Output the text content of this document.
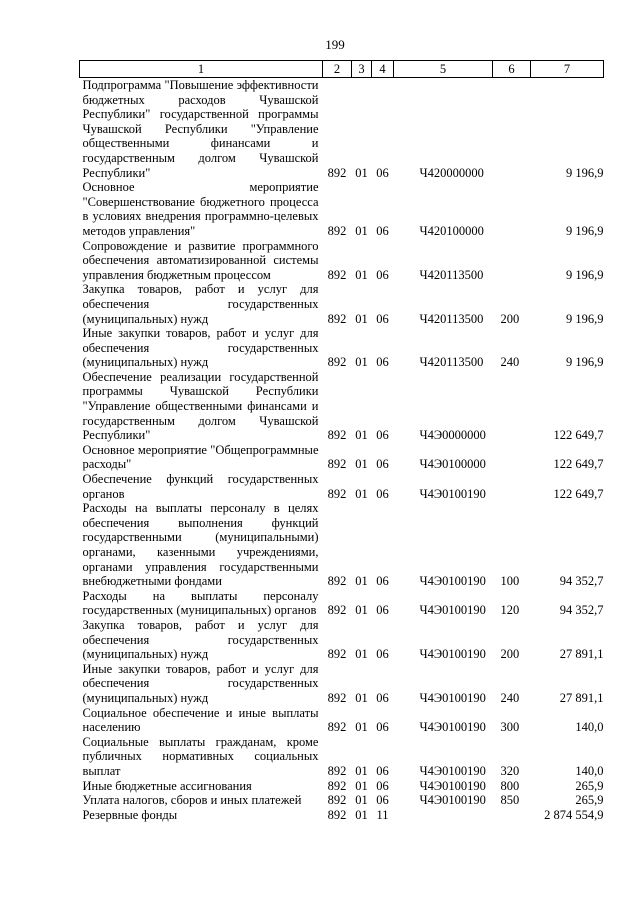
199
1	2	3	4	5	6	7
Подпрограмма "Повышение эффективности бюджетных расходов Чувашской Республики" государственной программы Чувашской Республики "Управление общественными финансами и государственным долгом Чувашской Республики"	892	01	06	Ч420000000		9 196,9
Основное мероприятие "Совершенствование бюджетного процесса в условиях внедрения программно-целевых методов управления"	892	01	06	Ч420100000		9 196,9
Сопровождение и развитие программного обеспечения автоматизированной системы управления бюджетным процессом	892	01	06	Ч420113500		9 196,9
Закупка товаров, работ и услуг для обеспечения государственных (муниципальных) нужд	892	01	06	Ч420113500	200	9 196,9
Иные закупки товаров, работ и услуг для обеспечения государственных (муниципальных) нужд	892	01	06	Ч420113500	240	9 196,9
Обеспечение реализации государственной программы Чувашской Республики "Управление общественными финансами и государственным долгом Чувашской Республики"	892	01	06	Ч4Э0000000		122 649,7
Основное мероприятие "Общепрограммные расходы"	892	01	06	Ч4Э0100000		122 649,7
Обеспечение функций государственных органов	892	01	06	Ч4Э0100190		122 649,7
Расходы на выплаты персоналу в целях обеспечения выполнения функций государственными (муниципальными) органами, казенными учреждениями, органами управления государственными внебюджетными фондами	892	01	06	Ч4Э0100190	100	94 352,7
Расходы на выплаты персоналу государственных (муниципальных) органов	892	01	06	Ч4Э0100190	120	94 352,7
Закупка товаров, работ и услуг для обеспечения государственных (муниципальных) нужд	892	01	06	Ч4Э0100190	200	27 891,1
Иные закупки товаров, работ и услуг для обеспечения государственных (муниципальных) нужд	892	01	06	Ч4Э0100190	240	27 891,1
Социальное обеспечение и иные выплаты населению	892	01	06	Ч4Э0100190	300	140,0
Социальные выплаты гражданам, кроме публичных нормативных социальных выплат	892	01	06	Ч4Э0100190	320	140,0
Иные бюджетные ассигнования	892	01	06	Ч4Э0100190	800	265,9
Уплата налогов, сборов и иных платежей	892	01	06	Ч4Э0100190	850	265,9
Резервные фонды	892	01	11			2 874 554,9
